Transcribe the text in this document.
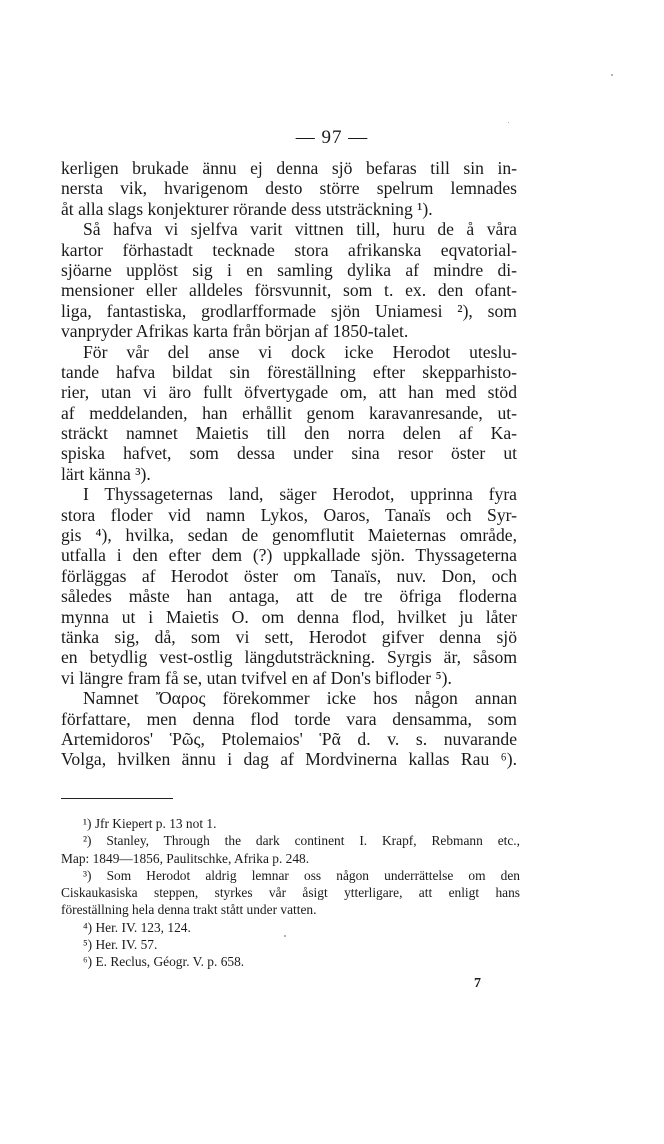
— 97 —
kerligen brukade ännu ej denna sjö befaras till sin in-
nersta vik, hvarigenom desto större spelrum lemnades
åt alla slags konjekturer rörande dess utsträckning ¹).
Så hafva vi sjelfva varit vittnen till, huru de å våra
kartor förhastadt tecknade stora afrikanska eqvatorial-
sjöarne upplöst sig i en samling dylika af mindre di-
mensioner eller alldeles försvunnit, som t. ex. den ofant-
liga, fantastiska, grodlarfformade sjön Uniamesi ²), som
vanpryder Afrikas karta från början af 1850-talet.
För vår del anse vi dock icke Herodot uteslu-
tande hafva bildat sin föreställning efter skepparhisto-
rier, utan vi äro fullt öfvertygade om, att han med stöd
af meddelanden, han erhållit genom karavanresande, ut-
sträckt namnet Maietis till den norra delen af Ka-
spiska hafvet, som dessa under sina resor öster ut
lärt känna ³).
I Thyssageternas land, säger Herodot, upprinna fyra
stora floder vid namn Lykos, Oaros, Tanaïs och Syr-
gis ⁴), hvilka, sedan de genomflutit Maieternas område,
utfalla i den efter dem (?) uppkallade sjön. Thyssageterna
förläggas af Herodot öster om Tanaïs, nuv. Don, och
således måste han antaga, att de tre öfriga floderna
mynna ut i Maietis O. om denna flod, hvilket ju låter
tänka sig, då, som vi sett, Herodot gifver denna sjö
en betydlig vest-ostlig längdutsträckning. Syrgis är, såsom
vi längre fram få se, utan tvifvel en af Don's bifloder ⁵).
Namnet Ὄαρος förekommer icke hos någon annan
författare, men denna flod torde vara densamma, som
Artemidoros' Ῥῶς, Ptolemaios' Ῥᾶ d. v. s. nuvarande
Volga, hvilken ännu i dag af Mordvinerna kallas Rau ⁶).
¹) Jfr Kiepert p. 13 not 1.
²) Stanley, Through the dark continent I. Krapf, Rebmann etc.,
Map: 1849—1856, Paulitschke, Afrika p. 248.
³) Som Herodot aldrig lemnar oss någon underrättelse om den
Ciskaukasiska steppen, styrkes vår åsigt ytterligare, att enligt hans
föreställning hela denna trakt stått under vatten.
⁴) Her. IV. 123, 124.
⁵) Her. IV. 57.
⁶) E. Reclus, Géogr. V. p. 658.
7
